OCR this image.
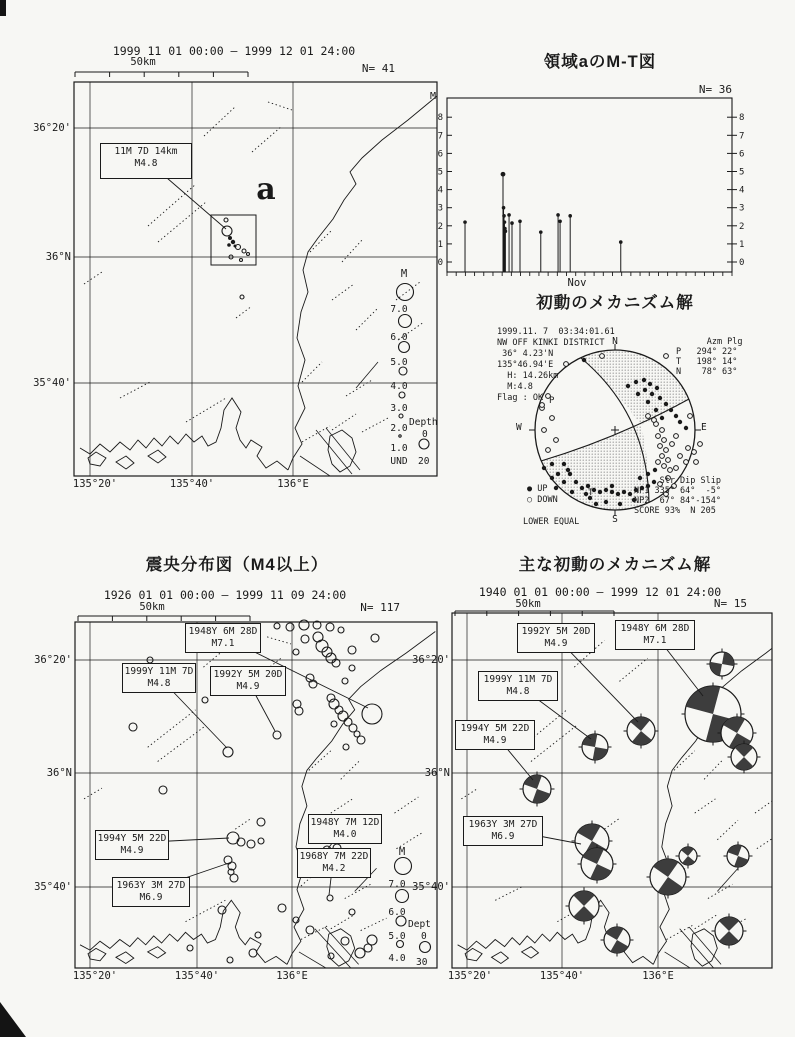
8	8
7	7
6	6
5	5
4	4
3	3
2	2
1	1
0	0
1999 11 01 00:00 — 1999 12 01 24:00
50km	N= 41
36°20'
36°N
35°40'
135°20'	135°40'	136°E
a
M
7.0
6.0
5.0
4.0
3.0
2.0
1.0
UND
Depth
0
20
領域aのM-T図
N= 36
M
Nov
初動のメカニズム解
1999.11. 7  03:34:01.61
NW OFF KINKI DISTRICT
36° 4.23'N
135°46.94'E
H: 14.26km
M:4.8
Flag : OK
Azm Plg
P   294° 22°
T   198° 14°
N    78° 63°
Str Dip Slip
NP1 335° 64°  -5°
NP2  67° 84°-154°
SCORE 93%  N 205
N
E
S
W
P
T
● UP
○ DOWN
LOWER EQUAL
震央分布図（M4以上）
1926 01 01 00:00 — 1999 11 09 24:00
50km	N= 117
36°20'
36°N
35°40'
135°20'	135°40'	136°E
M
7.0
6.0
5.0
4.0
Dept
0
30
主な初動のメカニズム解
1940 01 01 00:00 — 1999 12 01 24:00
50km	N= 15
36°20'
36°N
35°40'
135°20'	135°40'	136°E
11M 7D 14km
M4.8
1948Y 6M 28D
M7.1
1999Y 11M 7D
M4.8
1992Y 5M 20D
M4.9
1994Y 5M 22D
M4.9
1963Y 3M 27D
M6.9
1948Y 7M 12D
M4.0
1968Y 7M 22D
M4.2
1992Y 5M 20D
M4.9
1948Y 6M 28D
M7.1
1999Y 11M 7D
M4.8
1994Y 5M 22D
M4.9
1963Y 3M 27D
M6.9
